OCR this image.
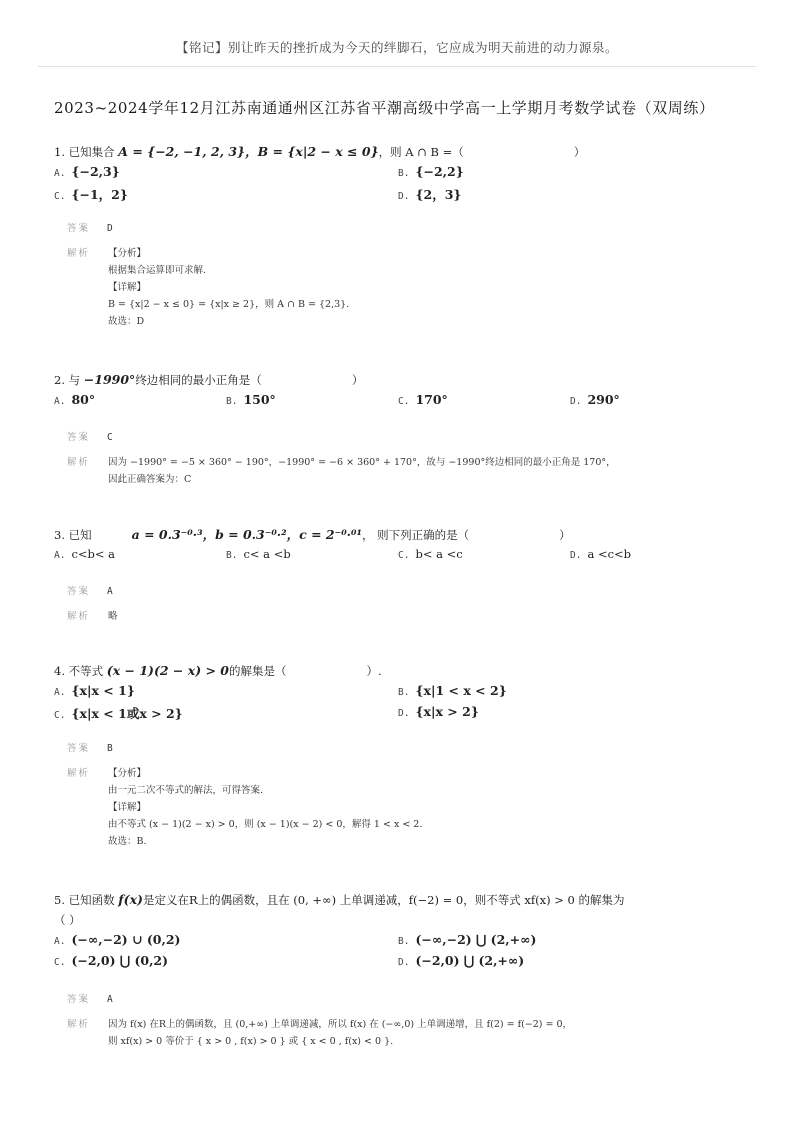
【铭记】别让昨天的挫折成为今天的绊脚石，它应成为明天前进的动力源泉。
2023~2024学年12月江苏南通通州区江苏省平潮高级中学高一上学期月考数学试卷（双周练）
1. 已知集合 A = {−2, −1, 2, 3}，B = {x|2 − x ≤ 0}，则 A ∩ B =（	）
A. {−2,3}	B. {−2,2}
C. {−1，2}	D. {2，3}
答案 D
解析 【分析】
根据集合运算即可求解.
【详解】
B = {x|2 − x ≤ 0} = {x|x ≥ 2}，则 A ∩ B = {2,3}.
故选：D
2. 与 −1990°终边相同的最小正角是（	）
A. 80°	B. 150°	C. 170°	D. 290°
答案 C
解析 因为 −1990° = −5 × 360° − 190°，−1990° = −6 × 360° + 170°，故与 −1990°终边相同的最小正角是 170°，
因此正确答案为：C
3. 已知	a = 0.3⁻⁰·³，b = 0.3⁻⁰·²，c = 2⁻⁰·⁰¹， 则下列正确的是（	）
A. c<b< a	B. c< a <b	C. b< a <c	D. a <c<b
答案 A
解析 略
4. 不等式 (x − 1)(2 − x) > 0的解集是（	）.
A. {x|x < 1}	B. {x|1 < x < 2}
C. {x|x < 1或x > 2}	D. {x|x > 2}
答案 B
解析 【分析】
由一元二次不等式的解法，可得答案.
【详解】
由不等式 (x − 1)(2 − x) > 0，则 (x − 1)(x − 2) < 0，解得 1 < x < 2.
故选：B.
5. 已知函数 f(x)是定义在R上的偶函数，且在 (0, +∞) 上单调递减，f(−2) = 0，则不等式 xf(x) > 0 的解集为
（ ）
A. (−∞,−2) ∪ (0,2)	B. (−∞,−2) ⋃ (2,+∞)
C. (−2,0) ⋃ (0,2)	D. (−2,0) ⋃ (2,+∞)
答案 A
解析 因为 f(x) 在R上的偶函数，且 (0,+∞) 上单调递减，所以 f(x) 在 (−∞,0) 上单调递增，且 f(2) = f(−2) = 0，
则 xf(x) > 0 等价于 { x > 0 , f(x) > 0 } 或 { x < 0 , f(x) < 0 }.
